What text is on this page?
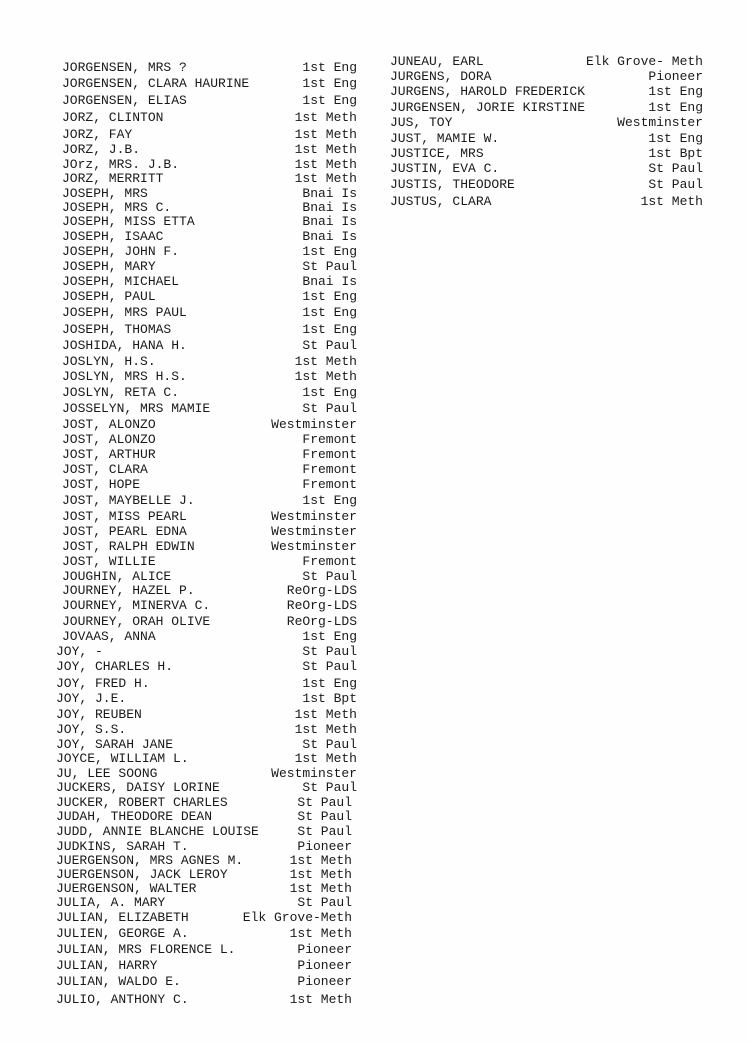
JORGENSEN, MRS ?	1st Eng
JORGENSEN, CLARA HAURINE	1st Eng
JORGENSEN, ELIAS	1st Eng
JORZ, CLINTON	1st Meth
JORZ, FAY	1st Meth
JORZ, J.B.	1st Meth
JOrz, MRS. J.B.	1st Meth
JORZ, MERRITT	1st Meth
JOSEPH, MRS	Bnai Is
JOSEPH, MRS C.	Bnai Is
JOSEPH, MISS ETTA	Bnai Is
JOSEPH, ISAAC	Bnai Is
JOSEPH, JOHN F.	1st Eng
JOSEPH, MARY	St Paul
JOSEPH, MICHAEL	Bnai Is
JOSEPH, PAUL	1st Eng
JOSEPH, MRS PAUL	1st Eng
JOSEPH, THOMAS	1st Eng
JOSHIDA, HANA H.	St Paul
JOSLYN, H.S.	1st Meth
JOSLYN, MRS H.S.	1st Meth
JOSLYN, RETA C.	1st Eng
JOSSELYN, MRS MAMIE	St Paul
JOST, ALONZO	Westminster
JOST, ALONZO	Fremont
JOST, ARTHUR	Fremont
JOST, CLARA	Fremont
JOST, HOPE	Fremont
JOST, MAYBELLE J.	1st Eng
JOST, MISS PEARL	Westminster
JOST, PEARL EDNA	Westminster
JOST, RALPH EDWIN	Westminster
JOST, WILLIE	Fremont
JOUGHIN, ALICE	St Paul
JOURNEY, HAZEL P.	ReOrg-LDS
JOURNEY, MINERVA C.	ReOrg-LDS
JOURNEY, ORAH OLIVE	ReOrg-LDS
JOVAAS, ANNA	1st Eng
JOY, -	St Paul
JOY, CHARLES H.	St Paul
JOY, FRED H.	1st Eng
JOY, J.E.	1st Bpt
JOY, REUBEN	1st Meth
JOY, S.S.	1st Meth
JOY, SARAH JANE	St Paul
JOYCE, WILLIAM L.	1st Meth
JU, LEE SOONG	Westminster
JUCKERS, DAISY LORINE	St Paul
JUCKER, ROBERT CHARLES	St Paul
JUDAH, THEODORE DEAN	St Paul
JUDD, ANNIE BLANCHE LOUISE	St Paul
JUDKINS, SARAH T.	Pioneer
JUERGENSON, MRS AGNES M.	1st Meth
JUERGENSON, JACK LEROY	1st Meth
JUERGENSON, WALTER	1st Meth
JULIA, A. MARY	St Paul
JULIAN, ELIZABETH	Elk Grove-Meth
JULIEN, GEORGE A.	1st Meth
JULIAN, MRS FLORENCE L.	Pioneer
JULIAN, HARRY	Pioneer
JULIAN, WALDO E.	Pioneer
JULIO, ANTHONY C.	1st Meth
JUNEAU, EARL	Elk Grove- Meth
JURGENS, DORA	Pioneer
JURGENS, HAROLD FREDERICK	1st Eng
JURGENSEN, JORIE KIRSTINE	1st Eng
JUS, TOY	Westminster
JUST, MAMIE W.	1st Eng
JUSTICE, MRS	1st Bpt
JUSTIN, EVA C.	St Paul
JUSTIS, THEODORE	St Paul
JUSTUS, CLARA	1st Meth
